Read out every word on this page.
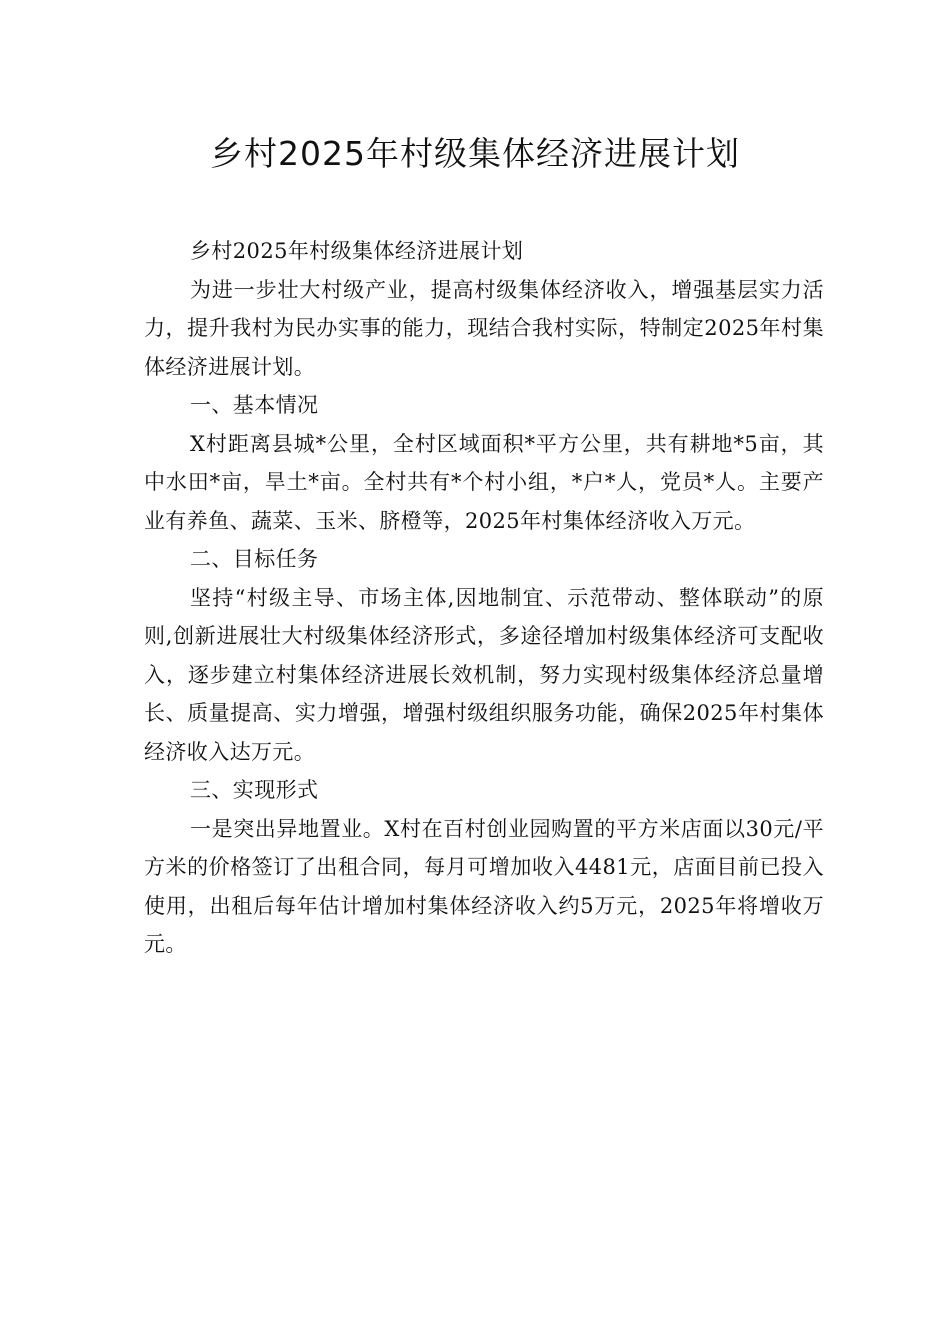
乡村2025年村级集体经济进展计划

乡村2025年村级集体经济进展计划

为进一步壮大村级产业，提高村级集体经济收入，增强基层实力活力，提升我村为民办实事的能力，现结合我村实际，特制定2025年村集体经济进展计划。

一、基本情况

X村距离县城*公里，全村区域面积*平方公里，共有耕地*5亩，其中水田*亩，旱土*亩。全村共有*个村小组，*户*人，党员*人。主要产业有养鱼、蔬菜、玉米、脐橙等，2025年村集体经济收入万元。

二、目标任务

坚持“村级主导、市场主体,因地制宜、示范带动、整体联动”的原则,创新进展壮大村级集体经济形式，多途径增加村级集体经济可支配收入，逐步建立村集体经济进展长效机制，努力实现村级集体经济总量增长、质量提高、实力增强，增强村级组织服务功能，确保2025年村集体经济收入达万元。

三、实现形式

一是突出异地置业。X村在百村创业园购置的平方米店面以30元/平方米的价格签订了出租合同，每月可增加收入4481元，店面目前已投入使用，出租后每年估计增加村集体经济收入约5万元，2025年将增收万元。
